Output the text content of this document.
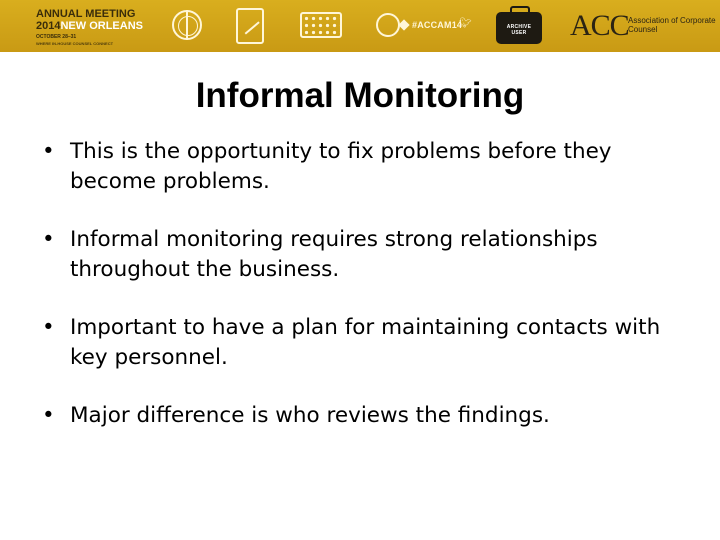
ANNUAL MEETING
2014NEW ORLEANS
OCTOBER 28–31
WHERE IN-HOUSE COUNSEL CONNECT
#ACCAM14
🐦︎	ARCHIVE USER	ACC Association of Corporate Counsel
Informal Monitoring
• This is the opportunity to fix problems before they become problems.
• Informal monitoring requires strong relationships throughout the business.
• Important to have a plan for maintaining contacts with key personnel.
• Major difference is who reviews the findings.
